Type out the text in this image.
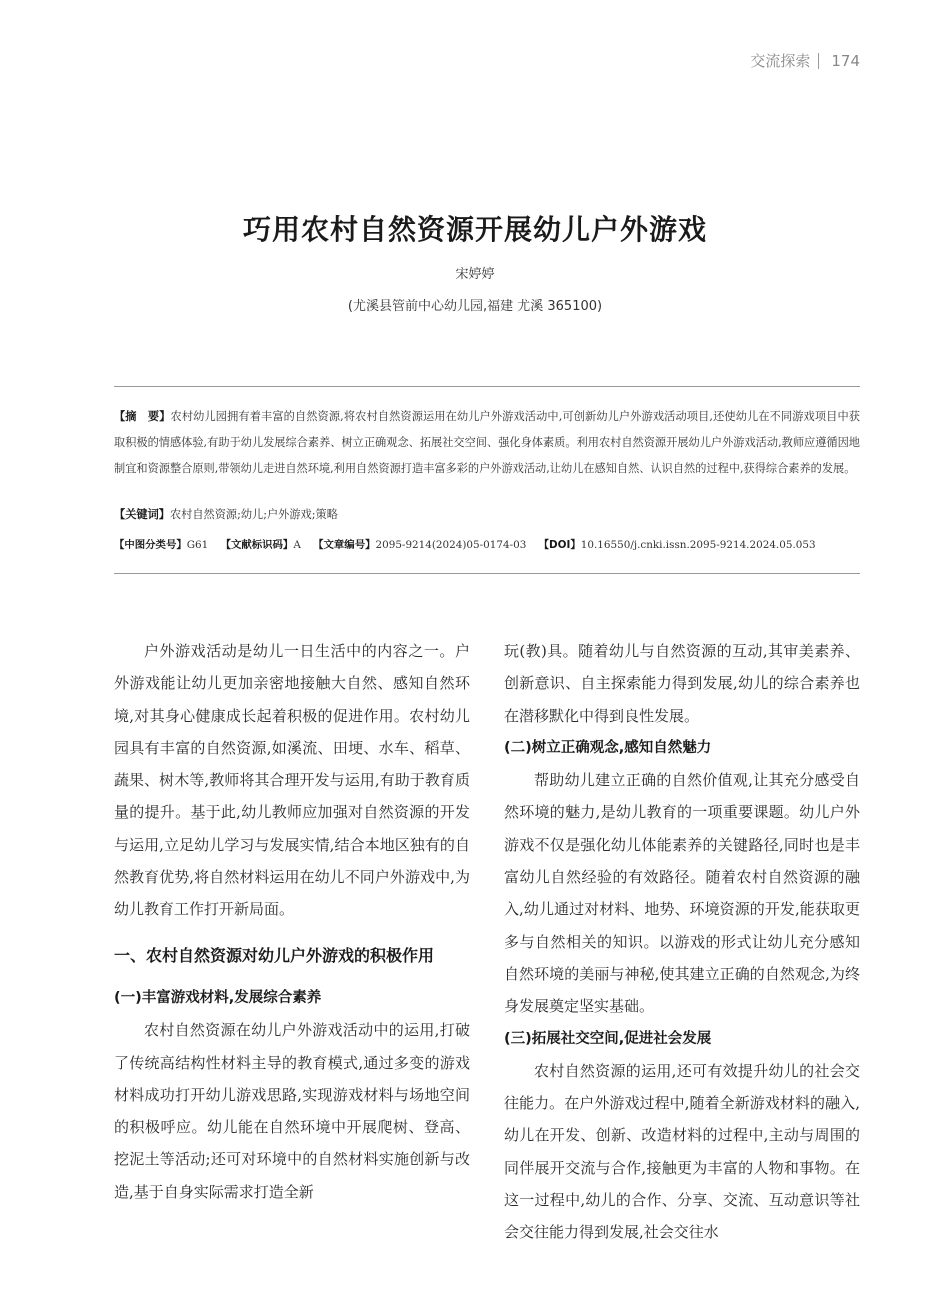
交流探索 174
巧用农村自然资源开展幼儿户外游戏
宋婷婷
(尤溪县管前中心幼儿园,福建 尤溪 365100)
【摘　要】农村幼儿园拥有着丰富的自然资源,将农村自然资源运用在幼儿户外游戏活动中,可创新幼儿户外游戏活动项目,还使幼儿在不同游戏项目中获取积极的情感体验,有助于幼儿发展综合素养、树立正确观念、拓展社交空间、强化身体素质。利用农村自然资源开展幼儿户外游戏活动,教师应遵循因地制宜和资源整合原则,带领幼儿走进自然环境,利用自然资源打造丰富多彩的户外游戏活动,让幼儿在感知自然、认识自然的过程中,获得综合素养的发展。
【关键词】农村自然资源;幼儿;户外游戏;策略
【中图分类号】G61 【文献标识码】A 【文章编号】2095-9214(2024)05-0174-03 【DOI】10.16550/j.cnki.issn.2095-9214.2024.05.053

户外游戏活动是幼儿一日生活中的内容之一。户外游戏能让幼儿更加亲密地接触大自然、感知自然环境,对其身心健康成长起着积极的促进作用。农村幼儿园具有丰富的自然资源,如溪流、田埂、水车、稻草、蔬果、树木等,教师将其合理开发与运用,有助于教育质量的提升。基于此,幼儿教师应加强对自然资源的开发与运用,立足幼儿学习与发展实情,结合本地区独有的自然教育优势,将自然材料运用在幼儿不同户外游戏中,为幼儿教育工作打开新局面。

一、农村自然资源对幼儿户外游戏的积极作用
(一)丰富游戏材料,发展综合素养

农村自然资源在幼儿户外游戏活动中的运用,打破了传统高结构性材料主导的教育模式,通过多变的游戏材料成功打开幼儿游戏思路,实现游戏材料与场地空间的积极呼应。幼儿能在自然环境中开展爬树、登高、挖泥土等活动;还可对环境中的自然材料实施创新与改造,基于自身实际需求打造全新

玩(教)具。随着幼儿与自然资源的互动,其审美素养、创新意识、自主探索能力得到发展,幼儿的综合素养也在潜移默化中得到良性发展。

(二)树立正确观念,感知自然魅力

帮助幼儿建立正确的自然价值观,让其充分感受自然环境的魅力,是幼儿教育的一项重要课题。幼儿户外游戏不仅是强化幼儿体能素养的关键路径,同时也是丰富幼儿自然经验的有效路径。随着农村自然资源的融入,幼儿通过对材料、地势、环境资源的开发,能获取更多与自然相关的知识。以游戏的形式让幼儿充分感知自然环境的美丽与神秘,使其建立正确的自然观念,为终身发展奠定坚实基础。

(三)拓展社交空间,促进社会发展

农村自然资源的运用,还可有效提升幼儿的社会交往能力。在户外游戏过程中,随着全新游戏材料的融入,幼儿在开发、创新、改造材料的过程中,主动与周围的同伴展开交流与合作,接触更为丰富的人物和事物。在这一过程中,幼儿的合作、分享、交流、互动意识等社会交往能力得到发展,社会交往水
